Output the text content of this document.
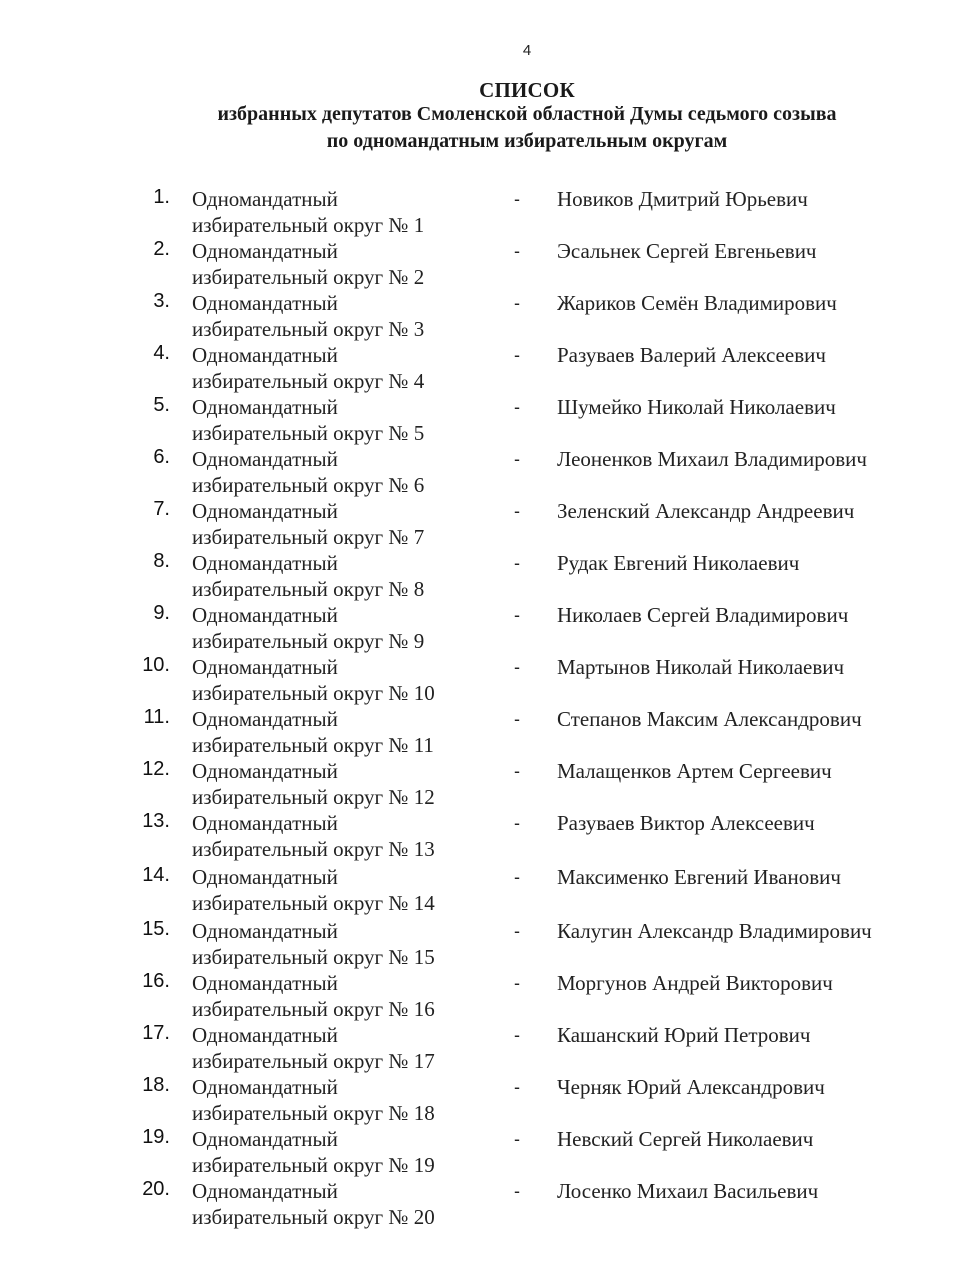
4
СПИСОК
избранных депутатов Смоленской областной Думы седьмого созыва
по одномандатным избирательным округам
1. Одномандатный
избирательный округ № 1
- Новиков Дмитрий Юрьевич
2. Одномандатный
избирательный округ № 2
- Эсальнек Сергей Евгеньевич
3. Одномандатный
избирательный округ № 3
- Жариков Семён Владимирович
4. Одномандатный
избирательный округ № 4
- Разуваев Валерий Алексеевич
5. Одномандатный
избирательный округ № 5
- Шумейко Николай Николаевич
6. Одномандатный
избирательный округ № 6
- Леоненков Михаил Владимирович
7. Одномандатный
избирательный округ № 7
- Зеленский Александр Андреевич
8. Одномандатный
избирательный округ № 8
- Рудак Евгений Николаевич
9. Одномандатный
избирательный округ № 9
- Николаев Сергей Владимирович
10. Одномандатный
избирательный округ № 10
- Мартынов Николай Николаевич
11. Одномандатный
избирательный округ № 11
- Степанов Максим Александрович
12. Одномандатный
избирательный округ № 12
- Малащенков Артем Сергеевич
13. Одномандатный
избирательный округ № 13
- Разуваев Виктор Алексеевич
14. Одномандатный
избирательный округ № 14
- Максименко Евгений Иванович
15. Одномандатный
избирательный округ № 15
- Калугин Александр Владимирович
16. Одномандатный
избирательный округ № 16
- Моргунов Андрей Викторович
17. Одномандатный
избирательный округ № 17
- Кашанский Юрий Петрович
18. Одномандатный
избирательный округ № 18
- Черняк Юрий Александрович
19. Одномандатный
избирательный округ № 19
- Невский Сергей Николаевич
20. Одномандатный
избирательный округ № 20
- Лосенко Михаил Васильевич
